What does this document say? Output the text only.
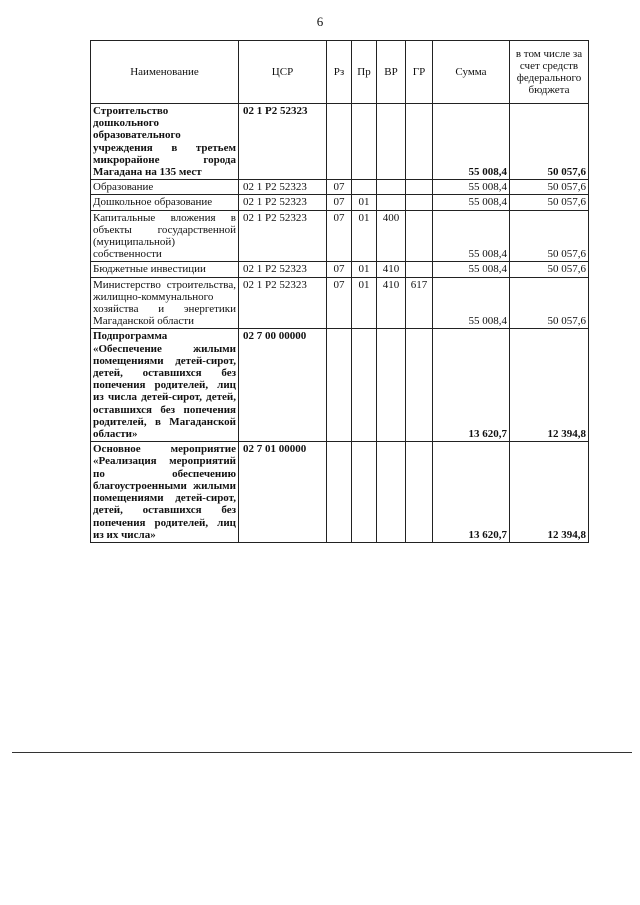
6
Наименование	ЦСР	Рз	Пр	ВР	ГР	Сумма	в том числе за счет средств федерального бюджета
Строительство дошкольного образовательного учреждения в третьем микрорайоне города Магадана на 135 мест	02 1 P2 52323					55 008,4	50 057,6
Образование	02 1 P2 52323	07				55 008,4	50 057,6
Дошкольное образование	02 1 P2 52323	07	01			55 008,4	50 057,6
Капитальные вложения в объекты государственной (муниципальной) собственности	02 1 P2 52323	07	01	400		55 008,4	50 057,6
Бюджетные инвестиции	02 1 P2 52323	07	01	410		55 008,4	50 057,6
Министерство строительства, жилищно-коммунального хозяйства и энергетики Магаданской области	02 1 P2 52323	07	01	410	617	55 008,4	50 057,6
Подпрограмма «Обеспечение жилыми помещениями детей-сирот, детей, оставшихся без попечения родителей, лиц из числа детей-сирот, детей, оставшихся без попечения родителей, в Магаданской области»	02 7 00 00000					13 620,7	12 394,8
Основное мероприятие «Реализация мероприятий по обеспечению благоустроенными жилыми помещениями детей-сирот, детей, оставшихся без попечения родителей, лиц из их числа»	02 7 01 00000					13 620,7	12 394,8
